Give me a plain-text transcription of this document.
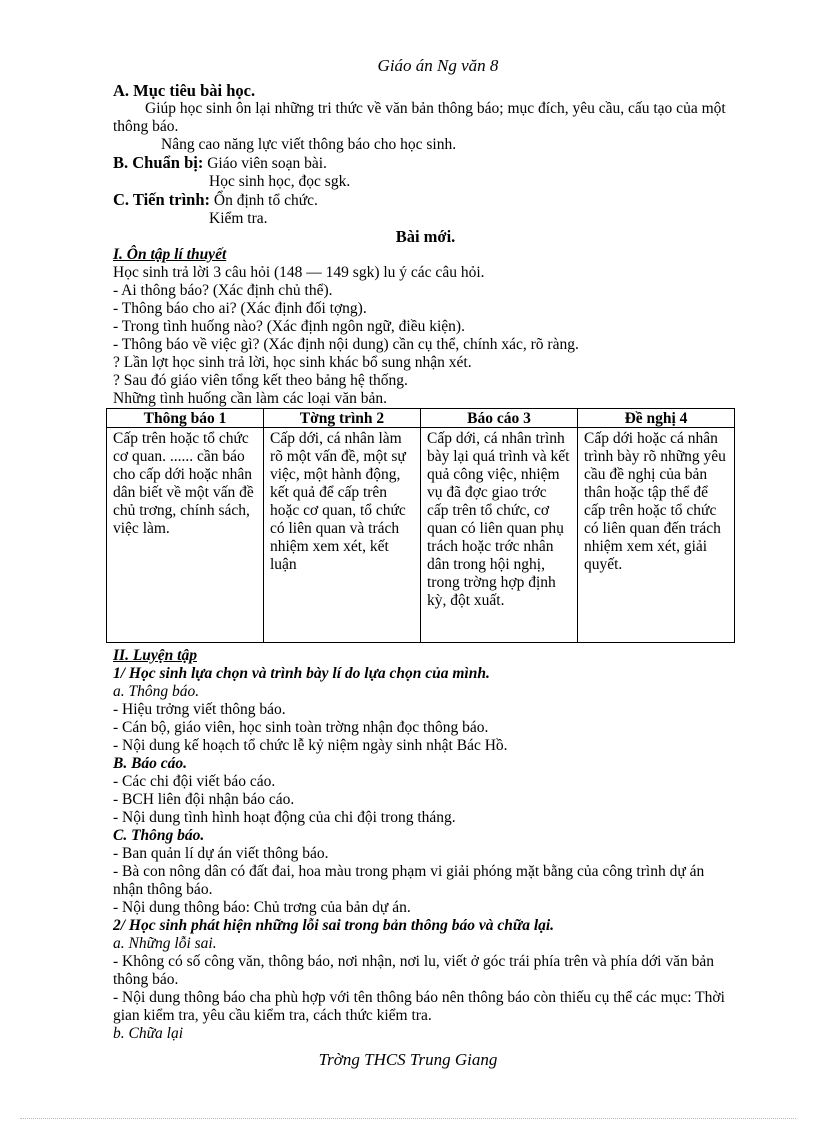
Giáo án Ng văn 8
A. Mục tiêu bài học.
Giúp học sinh ôn lại những tri thức về văn bản thông báo; mục đích, yêu cầu, cấu tạo của một thông báo.
Nâng cao năng lực viết thông báo cho học sinh.
B. Chuẩn bị: Giáo viên soạn bài.
Học sinh học, đọc sgk.
C. Tiến trình: Ổn định tổ chức.
Kiểm tra.
Bài mới.
I. Ôn tập lí thuyết
Học sinh trả lời 3 câu hỏi (148 — 149 sgk) lu ý các câu hỏi.
- Ai thông báo? (Xác định chủ thể).
- Thông báo cho ai? (Xác định đối tợng).
- Trong tình huống nào? (Xác định ngôn ngữ, điều kiện).
- Thông báo về việc gì? (Xác định nội dung) cần cụ thể, chính xác, rõ ràng.
? Lần lợt học sinh trả lời, học sinh khác bổ sung nhận xét.
? Sau đó giáo viên tổng kết theo bảng hệ thống.
Những tình huống cần làm các loại văn bản.
Thông báo 1	Tờng trình 2	Báo cáo 3	Đề nghị 4
Cấp trên hoặc tổ chức cơ quan. ...... cần báo cho cấp dới hoặc nhân dân biết về một vấn đề chủ trơng, chính sách, việc làm.	Cấp dới, cá nhân làm rõ một vấn đề, một sự việc, một hành động, kết quả để cấp trên hoặc cơ quan, tổ chức có liên quan và trách nhiệm xem xét, kết luận	Cấp dới, cá nhân trình bày lại quá trình và kết quả công việc, nhiệm vụ đã đợc giao trớc cấp trên tổ chức, cơ quan có liên quan phụ trách hoặc trớc nhân dân trong hội nghị, trong trờng hợp định kỳ, đột xuất.	Cấp dới hoặc cá nhân trình bày rõ những yêu cầu đề nghị của bản thân hoặc tập thể để cấp trên hoặc tổ chức có liên quan đến trách nhiệm xem xét, giải quyết.
II. Luyện tập
1/ Học sinh lựa chọn và trình bày lí do lựa chọn của mình.
a. Thông báo.
- Hiệu trởng viết thông báo.
- Cán bộ, giáo viên, học sinh toàn trờng nhận đọc thông báo.
- Nội dung kế hoạch tổ chức lễ kỷ niệm ngày sinh nhật Bác Hồ.
B. Báo cáo.
- Các chi đội viết báo cáo.
- BCH liên đội nhận báo cáo.
- Nội dung tình hình hoạt động của chi đội trong tháng.
C. Thông báo.
- Ban quản lí dự án viết thông báo.
- Bà con nông dân có đất đai, hoa màu trong phạm vi giải phóng mặt bằng của công trình dự án nhận thông báo.
- Nội dung thông báo: Chủ trơng của bản dự án.
2/ Học sinh phát hiện những lỗi sai trong bản thông báo và chữa lại.
a. Những lỗi sai.
- Không có số công văn, thông báo, nơi nhận, nơi lu, viết ở góc trái phía trên và phía dới văn bản thông báo.
- Nội dung thông báo cha phù hợp với tên thông báo nên thông báo còn thiếu cụ thể các mục: Thời gian kiểm tra, yêu cầu kiểm tra, cách thức kiểm tra.
b. Chữa lại
Trờng THCS Trung Giang
